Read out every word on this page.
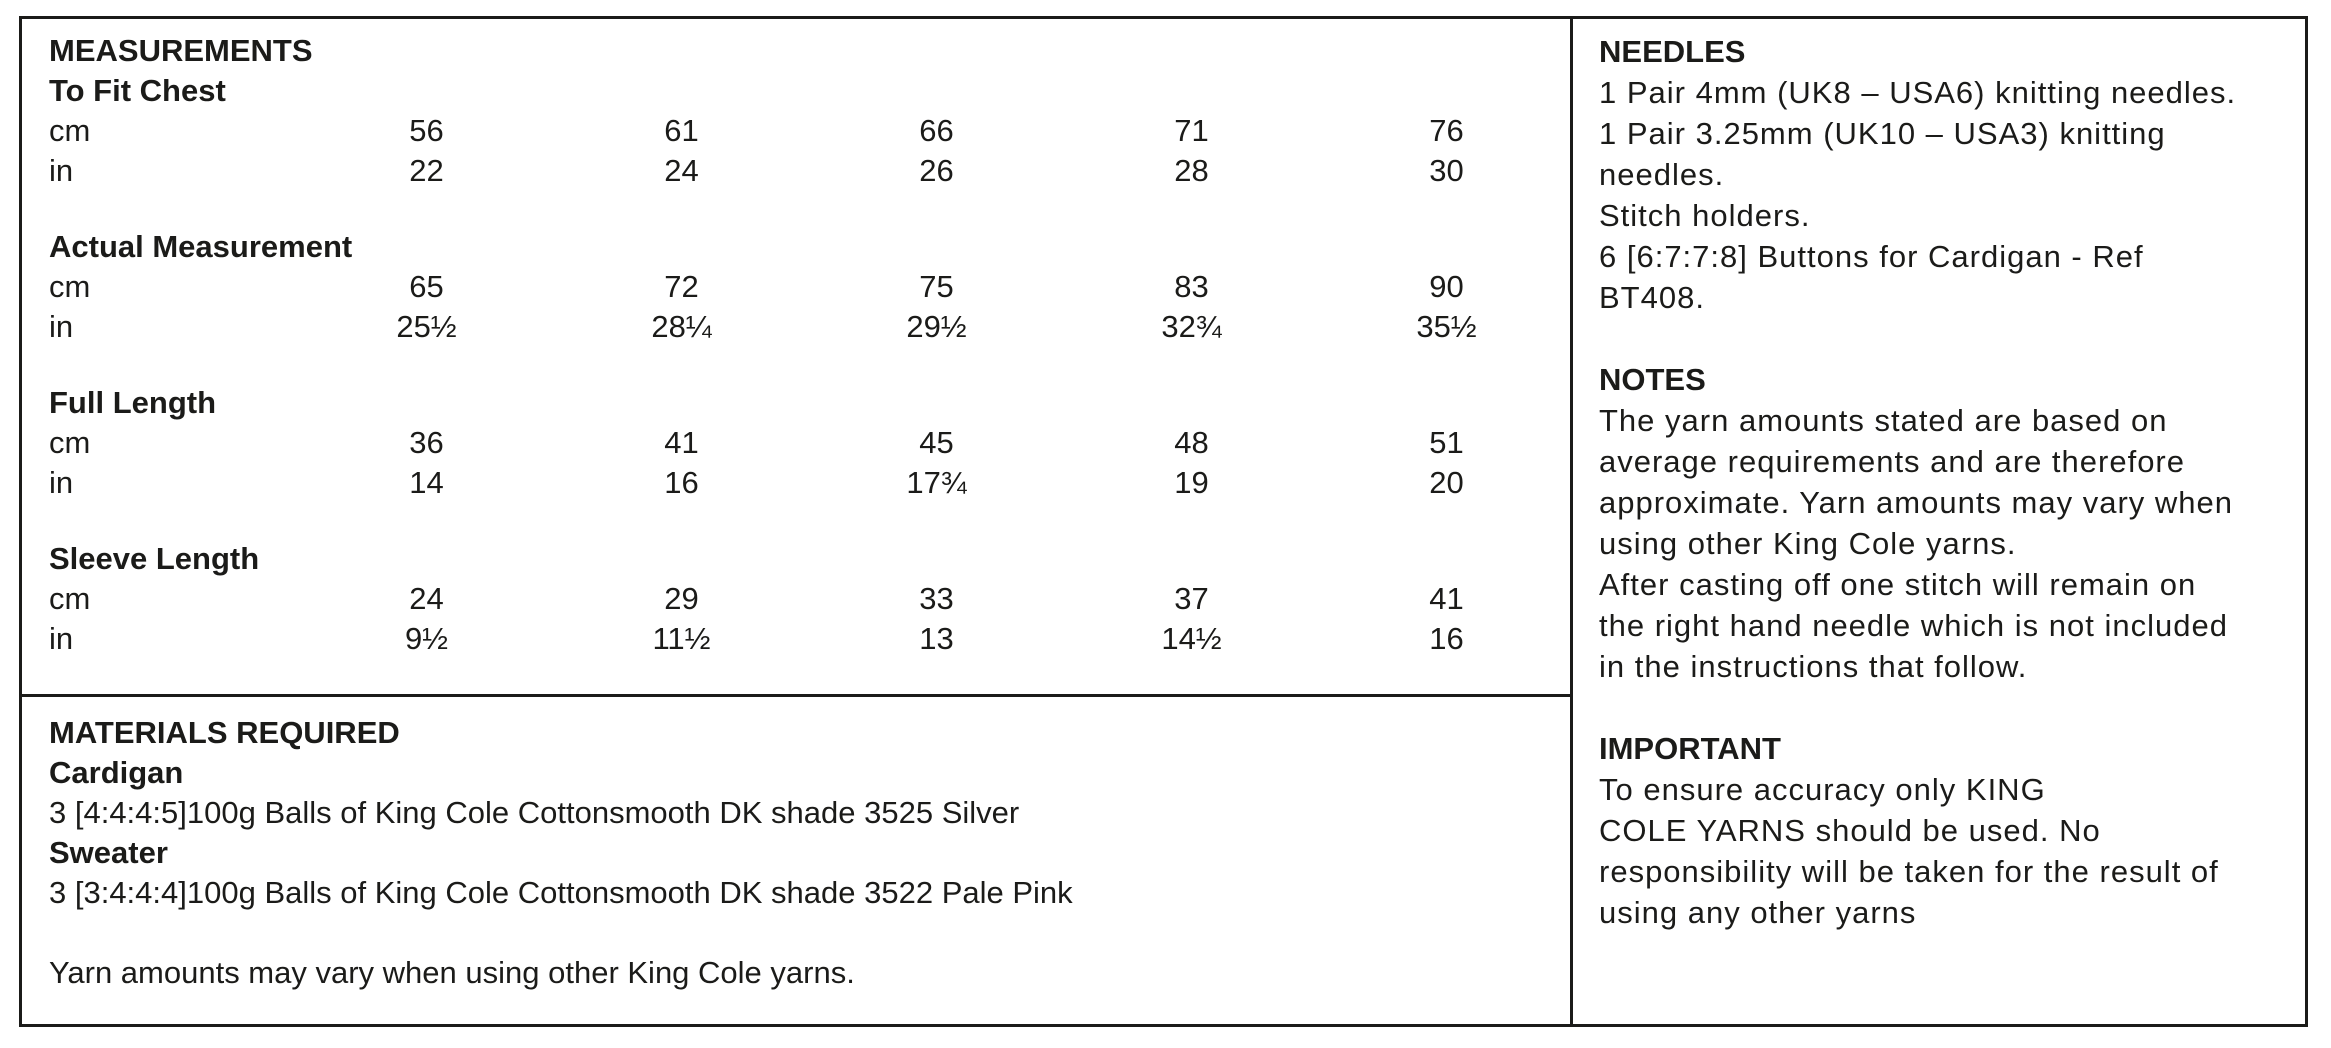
MEASUREMENTS
To Fit Chest
cm	56	61	66	71	76
in	22	24	26	28	30
Actual Measurement
cm	65	72	75	83	90
in	25½	28¼	29½	32¾	35½
Full Length
cm	36	41	45	48	51
in	14	16	17¾	19	20
Sleeve Length
cm	24	29	33	37	41
in	9½	11½	13	14½	16
MATERIALS REQUIRED
Cardigan
3 [4:4:4:5]100g Balls of King Cole Cottonsmooth DK shade 3525 Silver
Sweater
3 [3:4:4:4]100g Balls of King Cole Cottonsmooth DK shade 3522 Pale Pink
Yarn amounts may vary when using other King Cole yarns.
NEEDLES
1 Pair 4mm (UK8 – USA6) knitting needles.
1 Pair 3.25mm (UK10 – USA3) knitting
needles.
Stitch holders.
6 [6:7:7:8] Buttons for Cardigan - Ref
BT408.
NOTES
The yarn amounts stated are based on
average requirements and are therefore
approximate. Yarn amounts may vary when
using other King Cole yarns.
After casting off one stitch will remain on
the right hand needle which is not included
in the instructions that follow.
IMPORTANT
To ensure accuracy only KING
COLE YARNS should be used. No
responsibility will be taken for the result of
using any other yarns
